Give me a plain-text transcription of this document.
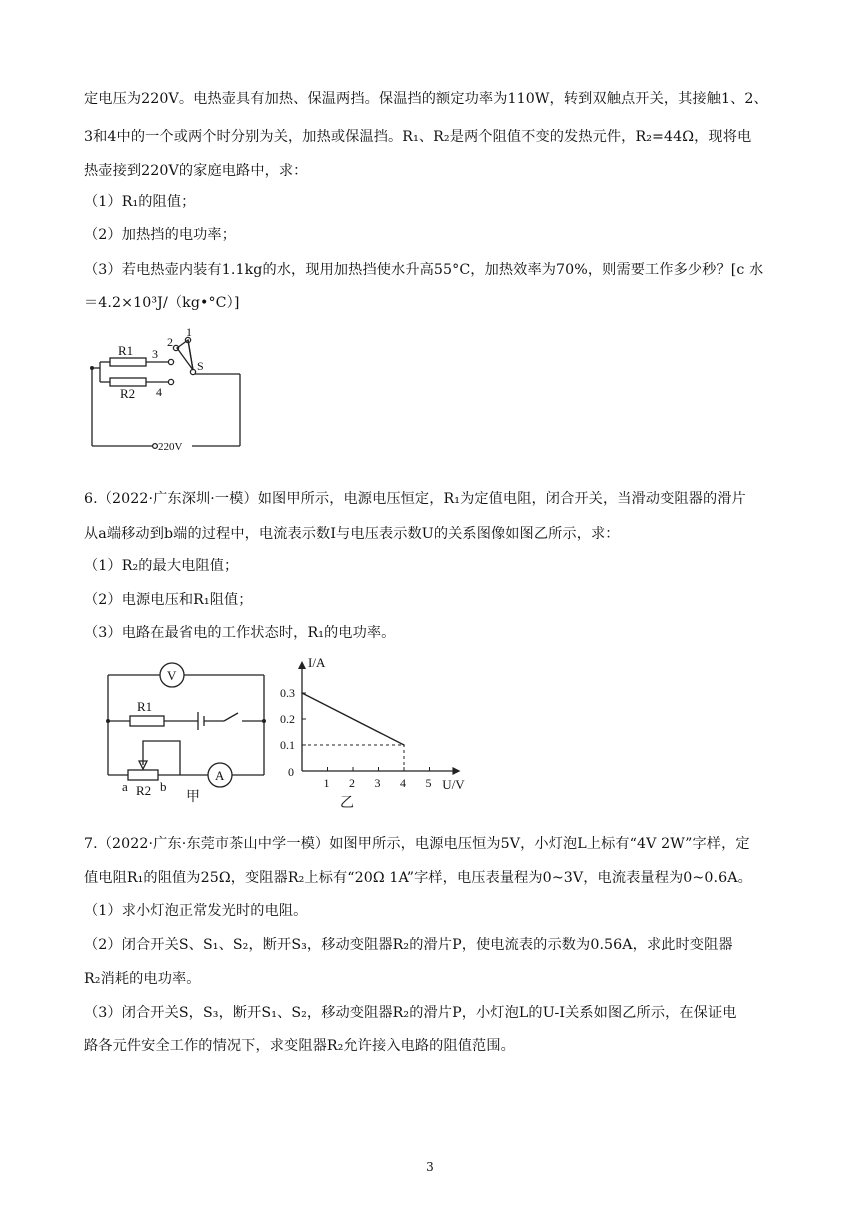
定电压为220V。电热壶具有加热、保温两挡。保温挡的额定功率为110W，转到双触点开关，其接触1、2、
3和4中的一个或两个时分别为关，加热或保温挡。R₁、R₂是两个阻值不变的发热元件，R₂=44Ω，现将电
热壶接到220V的家庭电路中，求：
（1）R₁的阻值；
（2）加热挡的电功率；
（3）若电热壶内装有1.1kg的水，现用加热挡使水升高55°C，加热效率为70%，则需要工作多少秒？[c 水
＝4.2×10³J/（kg•°C）]
R1
R2
1
2
3
4
S
220V
6.（2022·广东深圳·一模）如图甲所示，电源电压恒定，R₁为定值电阻，闭合开关，当滑动变阻器的滑片
从a端移动到b端的过程中，电流表示数I与电压表示数U的关系图像如图乙所示，求：
（1）R₂的最大电阻值；
（2）电源电压和R₁阻值；
（3）电路在最省电的工作状态时，R₁的电功率。
V
R1
A
a R2 b
甲
I/A
U/V
0
1 2 3 4 5
0.1
0.2
0.3
乙
7.（2022·广东·东莞市茶山中学一模）如图甲所示，电源电压恒为5V，小灯泡L上标有“4V 2W”字样，定
值电阻R₁的阻值为25Ω，变阻器R₂上标有“20Ω 1A”字样，电压表量程为0~3V，电流表量程为0~0.6A。
（1）求小灯泡正常发光时的电阻。
（2）闭合开关S、S₁、S₂，断开S₃，移动变阻器R₂的滑片P，使电流表的示数为0.56A，求此时变阻器
R₂消耗的电功率。
（3）闭合开关S，S₃，断开S₁、S₂，移动变阻器R₂的滑片P，小灯泡L的U-I关系如图乙所示，在保证电
路各元件安全工作的情况下，求变阻器R₂允许接入电路的阻值范围。
3
